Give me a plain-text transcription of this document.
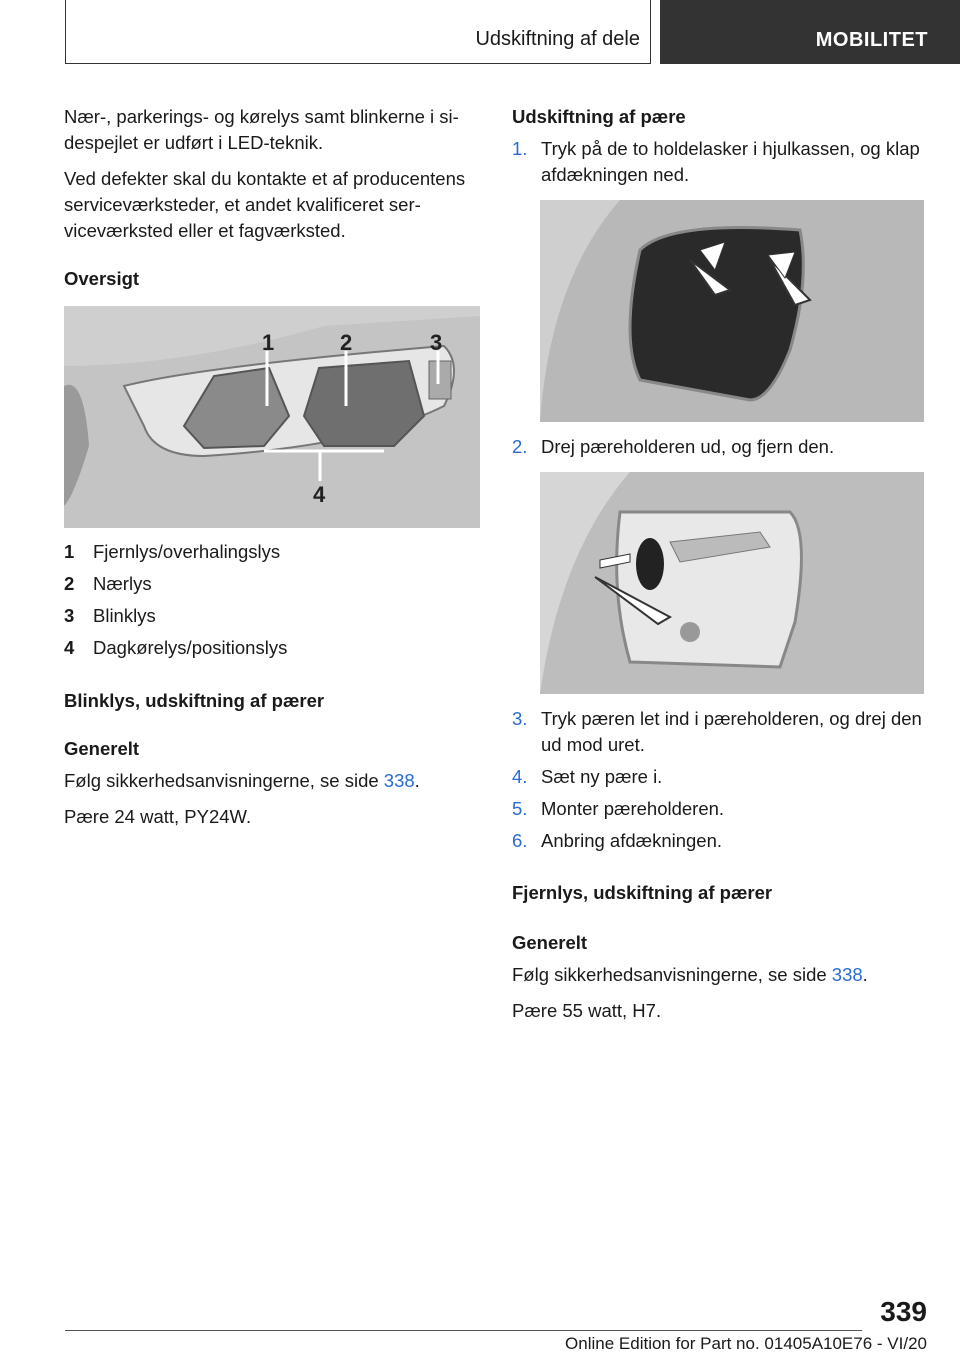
Udskiftning af dele	MOBILITET

Nær-, parkerings- og kørelys samt blinkerne i sidespejlet er udført i LED-teknik.

Ved defekter skal du kontakte et af producentens serviceværksteder, et andet kvalificeret serviceværksted eller et fagværksted.

Oversigt

1	2	3
4
1	Fjernlys/overhalingslys
2	Nærlys
3	Blinklys
4	Dagkørelys/positionslys

Blinklys, udskiftning af pærer

Generelt

Følg sikkerhedsanvisningerne, se side 338.

Pære 24 watt, PY24W.

Udskiftning af pære

1. Tryk på de to holdelasker i hjulkassen, og klap afdækningen ned.
2. Drej pæreholderen ud, og fjern den.
3. Tryk pæren let ind i pæreholderen, og drej den ud mod uret.
4. Sæt ny pære i.
5. Monter pæreholderen.
6. Anbring afdækningen.

Fjernlys, udskiftning af pærer

Generelt

Følg sikkerhedsanvisningerne, se side 338.

Pære 55 watt, H7.

339
Online Edition for Part no. 01405A10E76 - VI/20
